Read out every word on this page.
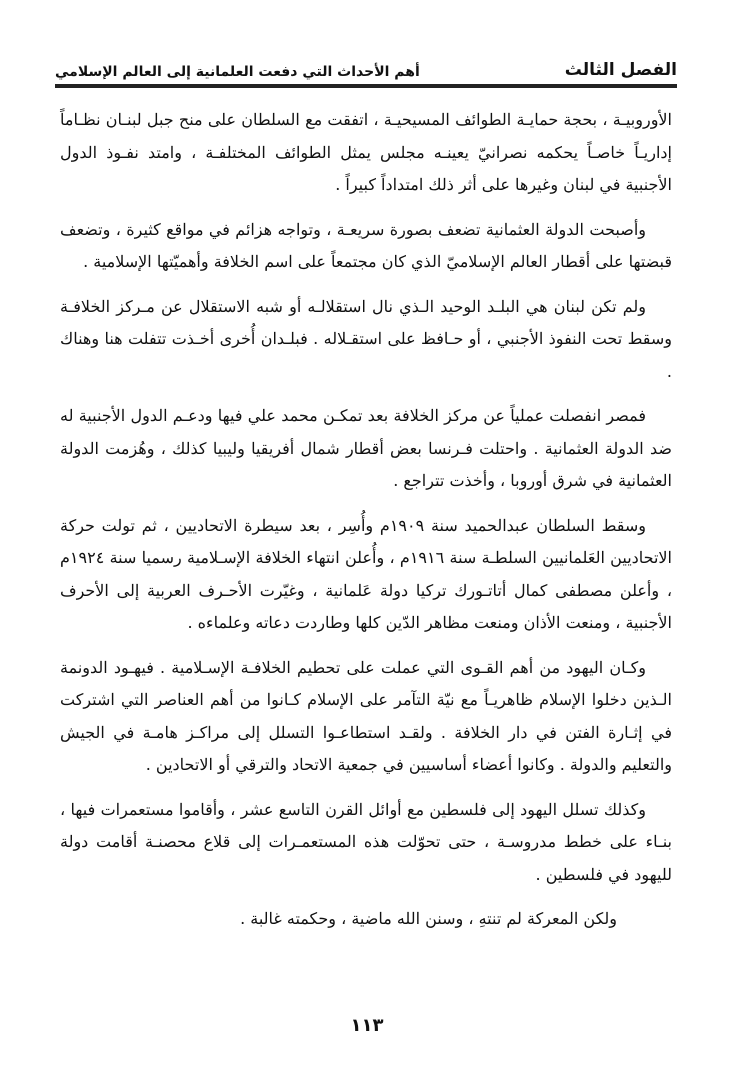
الفصل الثالث
أهم الأحداث التي دفعت العلمانية إلى العالم الإسلامي

الأوروبيـة ، بحجة حمايـة الطوائف المسيحيـة ، اتفقت مع السلطان على منح جبل لبنـان نظـاماً إداريـاً خاصـاً يحكمه نصرانيّ يعينـه مجلس يمثل الطوائف المختلفـة ، وامتد نفـوذ الدول الأجنبية في لبنان وغيرها على أثر ذلك امتداداً كبيراً .

وأصبحت الدولة العثمانية تضعف بصورة سريعـة ، وتواجه هزائم في مواقع كثيرة ، وتضعف قبضتها على أقطار العالم الإسلاميّ الذي كان مجتمعاً على اسم الخلافة وأهميّتها الإسلامية .

ولم تكن لبنان هي البلـد الوحيد الـذي نال استقلالـه أو شبه الاستقلال عن مـركز الخلافـة وسقط تحت النفوذ الأجنبي ، أو حـافظ على استقـلاله . فبلـدان أُخرى أخـذت تتفلت هنا وهناك .

فمصر انفصلت عملياً عن مركز الخلافة بعد تمكـن محمد علي فيها ودعـم الدول الأجنبية له ضد الدولة العثمانية . واحتلت فـرنسا بعض أقطار شمال أفريقيا وليبيا كذلك ، وهُزمت الدولة العثمانية في شرق أوروبا ، وأخذت تتراجع .

وسقط السلطان عبدالحميد سنة ١٩٠٩م وأُسِر ، بعد سيطرة الاتحاديين ، ثم تولت حركة الاتحاديين العَلمانيين السلطـة سنة ١٩١٦م ، وأُعلن انتهاء الخلافة الإسـلامية رسميا سنة ١٩٢٤م ، وأعلن مصطفى كمال أتاتـورك تركيا دولة عَلمانية ، وغيّرت الأحـرف العربية إلى الأحرف الأجنبية ، ومنعت الأذان ومنعت مظاهر الدّين كلها وطاردت دعاته وعلماءه .

وكـان اليهود من أهم القـوى التي عملت على تحطيم الخلافـة الإسـلامية . فيهـود الدونمة الـذين دخلوا الإسلام ظاهريـاً مع نيّة التآمر على الإسلام كـانوا من أهم العناصر التي اشتركت في إثـارة الفتن في دار الخلافة . ولقـد استطاعـوا التسلل إلى مراكـز هامـة في الجيش والتعليم والدولة . وكانوا أعضاء أساسيين في جمعية الاتحاد والترقي أو الاتحادين .

وكذلك تسلل اليهود إلى فلسطين مع أوائل القرن التاسع عشر ، وأقاموا مستعمرات فيها ، بنـاء على خطط مدروسـة ، حتى تحوّلت هذه المستعمـرات إلى قلاع محصنـة أقامت دولة لليهود في فلسطين .

ولكن المعركة لم تنتهِ ، وسنن الله ماضية ، وحكمته غالبة .

١١٣
